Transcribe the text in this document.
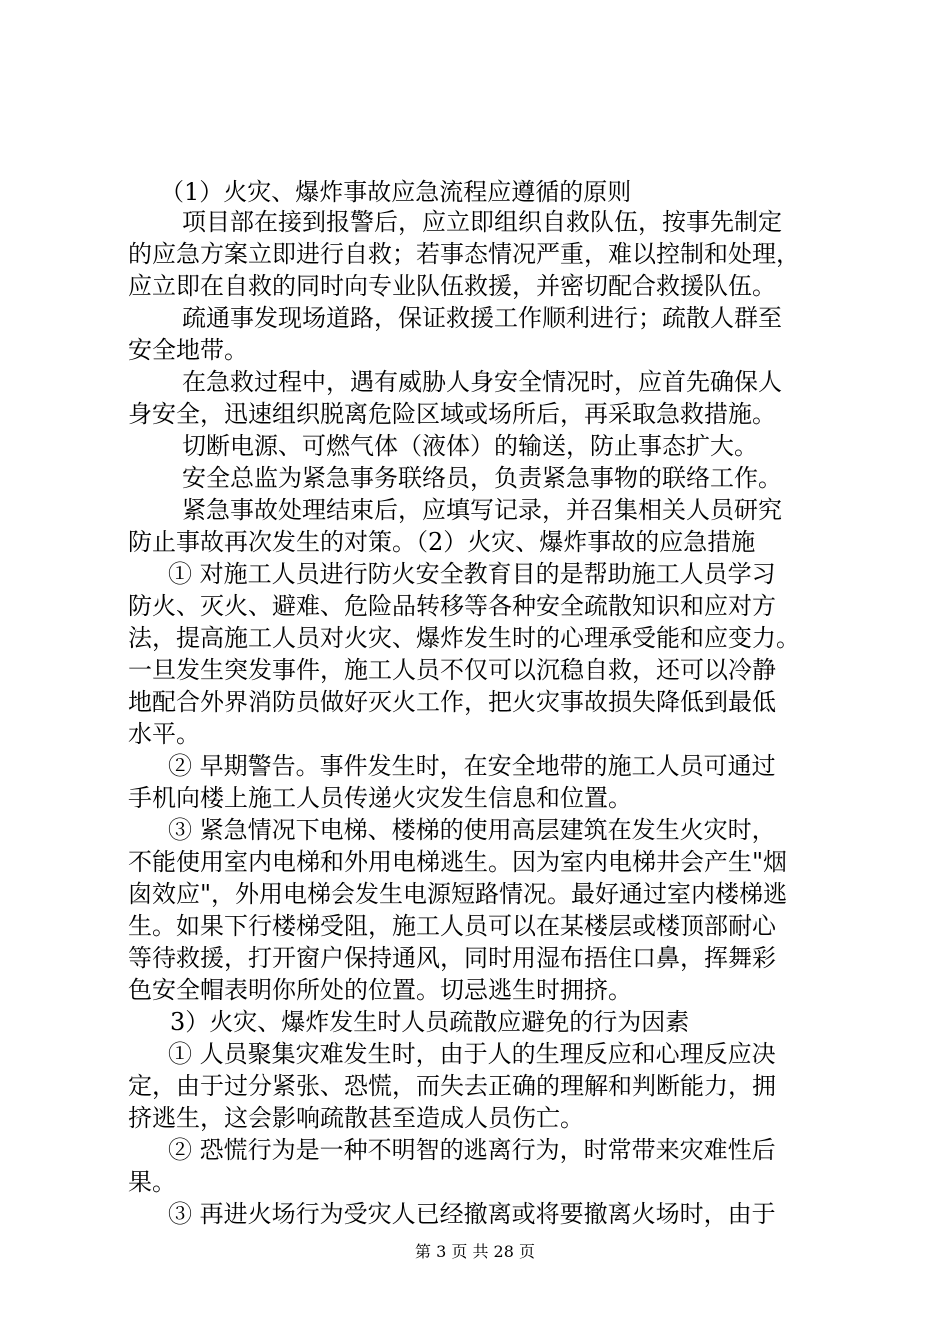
（1）火灾、爆炸事故应急流程应遵循的原则
项目部在接到报警后，应立即组织自救队伍，按事先制定
的应急方案立即进行自救；若事态情况严重，难以控制和处理，
应立即在自救的同时向专业队伍救援，并密切配合救援队伍。
疏通事发现场道路，保证救援工作顺利进行；疏散人群至
安全地带。
在急救过程中，遇有威胁人身安全情况时，应首先确保人
身安全，迅速组织脱离危险区域或场所后，再采取急救措施。
切断电源、可燃气体（液体）的输送，防止事态扩大。
安全总监为紧急事务联络员，负责紧急事物的联络工作。
紧急事故处理结束后，应填写记录，并召集相关人员研究
防止事故再次发生的对策。（2）火灾、爆炸事故的应急措施
① 对施工人员进行防火安全教育目的是帮助施工人员学习
防火、灭火、避难、危险品转移等各种安全疏散知识和应对方
法，提高施工人员对火灾、爆炸发生时的心理承受能和应变力。
一旦发生突发事件，施工人员不仅可以沉稳自救，还可以冷静
地配合外界消防员做好灭火工作，把火灾事故损失降低到最低
水平。
② 早期警告。事件发生时，在安全地带的施工人员可通过
手机向楼上施工人员传递火灾发生信息和位置。
③ 紧急情况下电梯、楼梯的使用高层建筑在发生火灾时，
不能使用室内电梯和外用电梯逃生。因为室内电梯井会产生"烟
囱效应"，外用电梯会发生电源短路情况。最好通过室内楼梯逃
生。如果下行楼梯受阻，施工人员可以在某楼层或楼顶部耐心
等待救援，打开窗户保持通风，同时用湿布捂住口鼻，挥舞彩
色安全帽表明你所处的位置。切忌逃生时拥挤。
3）火灾、爆炸发生时人员疏散应避免的行为因素
① 人员聚集灾难发生时，由于人的生理反应和心理反应决
定，由于过分紧张、恐慌，而失去正确的理解和判断能力，拥
挤逃生，这会影响疏散甚至造成人员伤亡。
② 恐慌行为是一种不明智的逃离行为，时常带来灾难性后
果。
③ 再进火场行为受灾人已经撤离或将要撤离火场时，由于
第 3 页 共 28 页
